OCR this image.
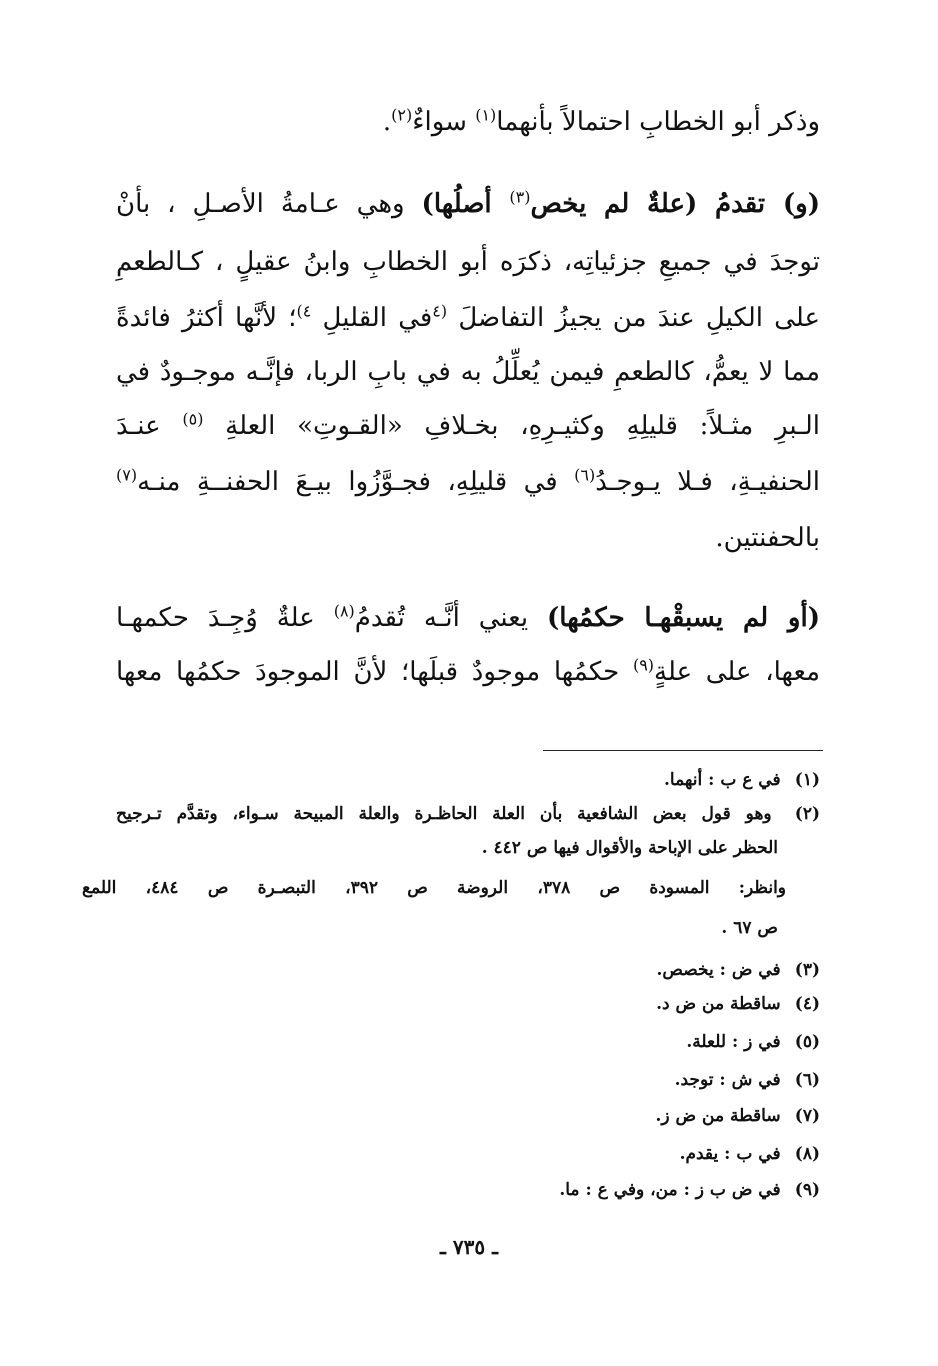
وذكر أبو الخطابِ احتمالاً بأنهما$^{(١)}$ سواءٌ$^{(٢)}$.
(و) تقدمُ (علةٌ لم يخص$^{(٣)}$ أصلُها) وهي عـامةُ الأصـلِ ، بأنْ
توجدَ في جميعِ جزئياتِه، ذكرَه أبو الخطابِ وابنُ عقيلٍ ، كـالطعمِ
على الكيلِ عندَ من يجيزُ التفاضلَ $^{(٤}$في القليلِ $^{٤)}$؛ لأنَّها أكثرُ فائدةً
مما لا يعمُّ، كالطعمِ فيمن يُعلِّلُ به في بابِ الربا، فإنَّـه موجـودٌ في
الـبرِ مثـلاً: قليلِهِ وكثيـرِهِ، بخـلافِ «القـوتِ» العلةِ $^{(٥)}$ عنـدَ
الحنفيـةِ، فـلا يـوجـدُ$^{(٦)}$ في قليلِهِ، فجـوَّزُوا بيـعَ الحفنــةِ منـه$^{(٧)}$
بالحفنتين.
(أو لم يسبقْهـا حكمُها) يعني أنَّـه تُقدمُ$^{(٨)}$ علةٌ وُجِـدَ حكمهـا
معها، على علةٍ$^{(٩)}$ حكمُها موجودٌ قبلَها؛ لأنَّ الموجودَ حكمُها معها
(١) في ع ب : أنهما.
(٢) وهو قول بعض الشافعية بأن العلة الحاظـرة والعلة المبيحة سـواء، وتقدَّم تـرجيح
الحظر على الإباحة والأقوال فيها ص ٤٤٢ .
وانظر: المسودة ص ٣٧٨، الروضة ص ٣٩٢، التبصـرة ص ٤٨٤، اللمع
ص ٦٧ .
(٣) في ض : يخصص.
(٤) ساقطة من ض د.
(٥) في ز : للعلة.
(٦) في ش : توجد.
(٧) ساقطة من ض ز.
(٨) في ب : يقدم.
(٩) في ض ب ز : من، وفي ع : ما.
ـ ٧٣٥ ـ
